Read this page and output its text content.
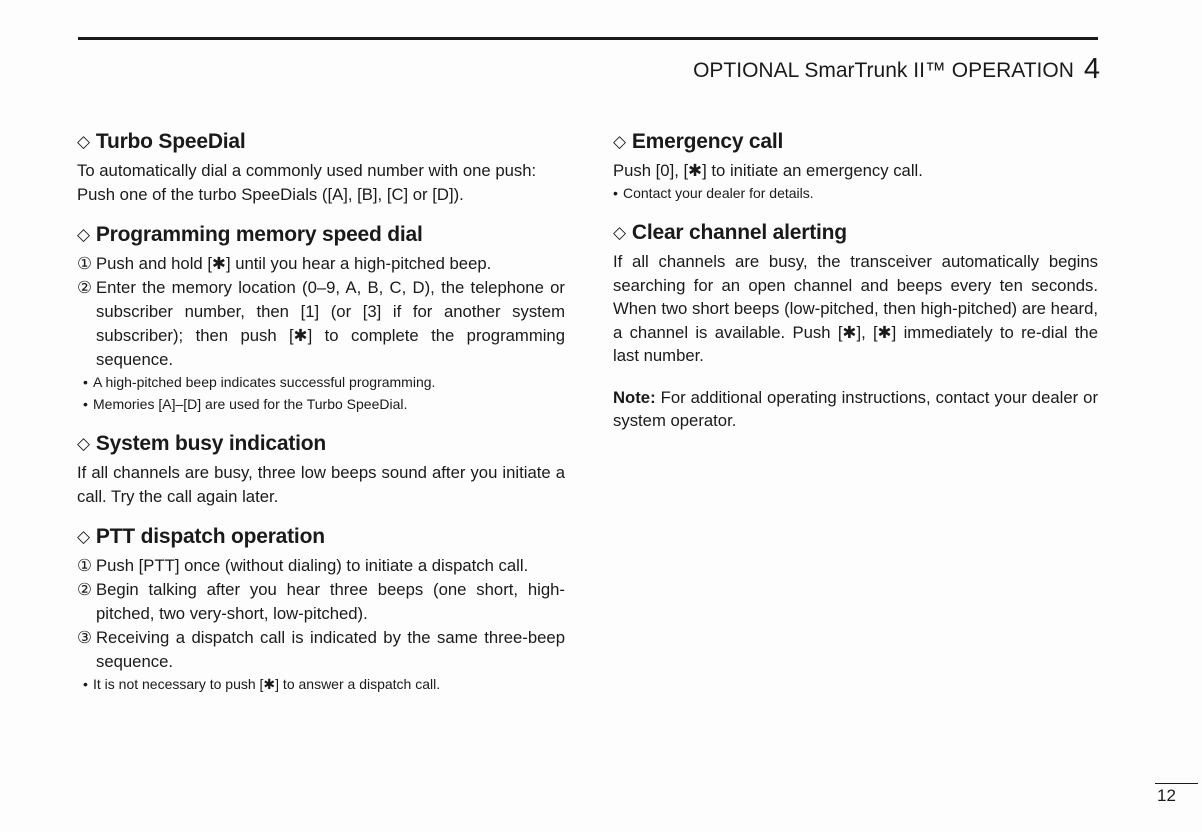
OPTIONAL SmarTrunk II™ OPERATION 4
◇ Turbo SpeeDial

To automatically dial a commonly used number with one push:

Push one of the turbo SpeeDials ([A], [B], [C] or [D]).

◇ Programming memory speed dial
① Push and hold [✱] until you hear a high-pitched beep.
② Enter the memory location (0–9, A, B, C, D), the telephone or subscriber number, then [1] (or [3] if for another system subscriber); then push [✱] to complete the programming sequence.
• A high-pitched beep indicates successful programming.
• Memories [A]–[D] are used for the Turbo SpeeDial.
◇ System busy indication

If all channels are busy, three low beeps sound after you initiate a call. Try the call again later.

◇ PTT dispatch operation
① Push [PTT] once (without dialing) to initiate a dispatch call.
② Begin talking after you hear three beeps (one short, high-pitched, two very-short, low-pitched).
③ Receiving a dispatch call is indicated by the same three-beep sequence.
• It is not necessary to push [✱] to answer a dispatch call.
◇ Emergency call

Push [0], [✱] to initiate an emergency call.

• Contact your dealer for details.
◇ Clear channel alerting

If all channels are busy, the transceiver automatically begins searching for an open channel and beeps every ten seconds. When two short beeps (low-pitched, then high-pitched) are heard, a channel is available. Push [✱], [✱] immediately to re-dial the last number.

Note: For additional operating instructions, contact your dealer or system operator.

12
